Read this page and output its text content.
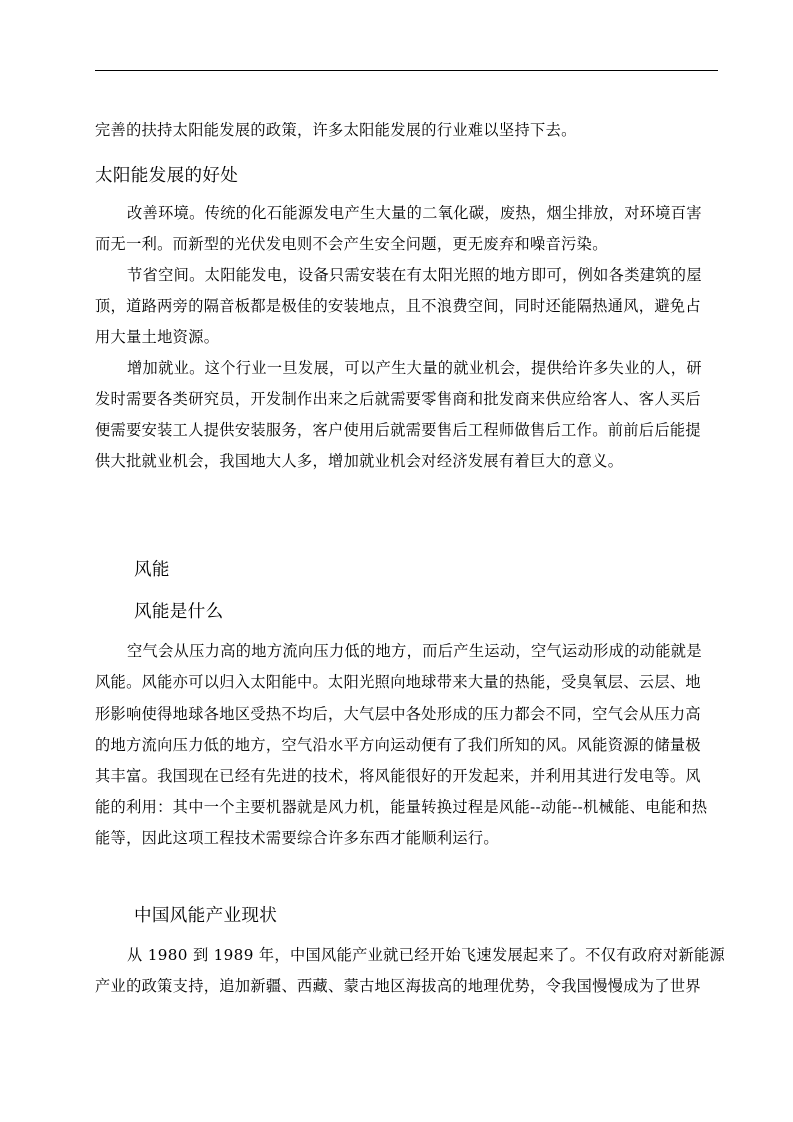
完善的扶持太阳能发展的政策，许多太阳能发展的行业难以坚持下去。
太阳能发展的好处
改善环境。传统的化石能源发电产生大量的二氧化碳，废热，烟尘排放，对环境百害
而无一利。而新型的光伏发电则不会产生安全问题，更无废弃和噪音污染。
节省空间。太阳能发电，设备只需安装在有太阳光照的地方即可，例如各类建筑的屋
顶，道路两旁的隔音板都是极佳的安装地点，且不浪费空间，同时还能隔热通风，避免占
用大量土地资源。
增加就业。这个行业一旦发展，可以产生大量的就业机会，提供给许多失业的人，研
发时需要各类研究员，开发制作出来之后就需要零售商和批发商来供应给客人、客人买后
便需要安装工人提供安装服务，客户使用后就需要售后工程师做售后工作。前前后后能提
供大批就业机会，我国地大人多，增加就业机会对经济发展有着巨大的意义。
风能
风能是什么
空气会从压力高的地方流向压力低的地方，而后产生运动，空气运动形成的动能就是
风能。风能亦可以归入太阳能中。太阳光照向地球带来大量的热能，受臭氧层、云层、地
形影响使得地球各地区受热不均后，大气层中各处形成的压力都会不同，空气会从压力高
的地方流向压力低的地方，空气沿水平方向运动便有了我们所知的风。风能资源的储量极
其丰富。我国现在已经有先进的技术，将风能很好的开发起来，并利用其进行发电等。风
能的利用：其中一个主要机器就是风力机，能量转换过程是风能--动能--机械能、电能和热
能等，因此这项工程技术需要综合许多东西才能顺利运行。
中国风能产业现状
从 1980 到 1989 年，中国风能产业就已经开始飞速发展起来了。不仅有政府对新能源
产业的政策支持，追加新疆、西藏、蒙古地区海拔高的地理优势，令我国慢慢成为了世界
